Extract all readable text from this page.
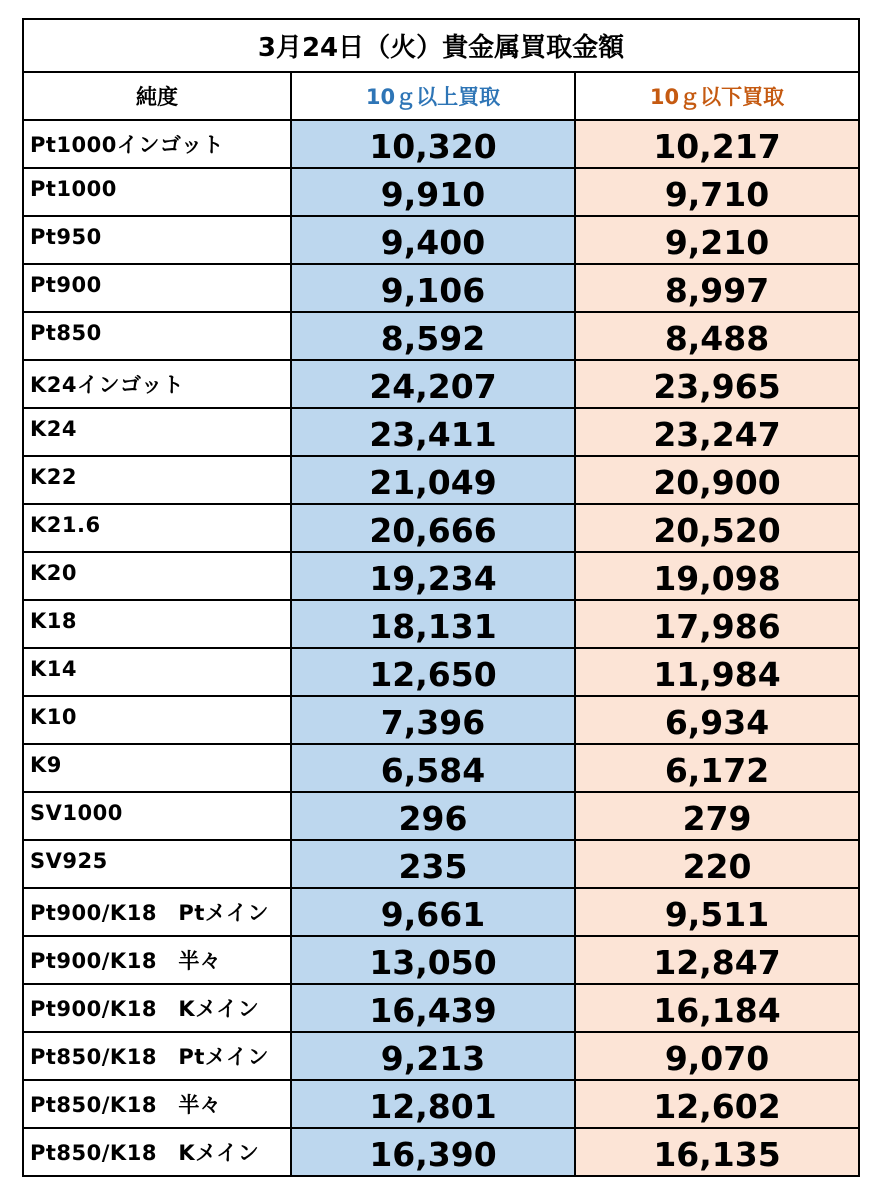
3月24日（火）貴金属買取金額		
純度	10ｇ以上買取	10ｇ以下買取
Pt1000インゴット	10,320	10,217
Pt1000	9,910	9,710
Pt950	9,400	9,210
Pt900	9,106	8,997
Pt850	8,592	8,488
K24インゴット	24,207	23,965
K24	23,411	23,247
K22	21,049	20,900
K21.6	20,666	20,520
K20	19,234	19,098
K18	18,131	17,986
K14	12,650	11,984
K10	7,396	6,934
K9	6,584	6,172
SV1000	296	279
SV925	235	220
Pt900/K18　Ptメイン	9,661	9,511
Pt900/K18　半々	13,050	12,847
Pt900/K18　Kメイン	16,439	16,184
Pt850/K18　Ptメイン	9,213	9,070
Pt850/K18　半々	12,801	12,602
Pt850/K18　Kメイン	16,390	16,135
